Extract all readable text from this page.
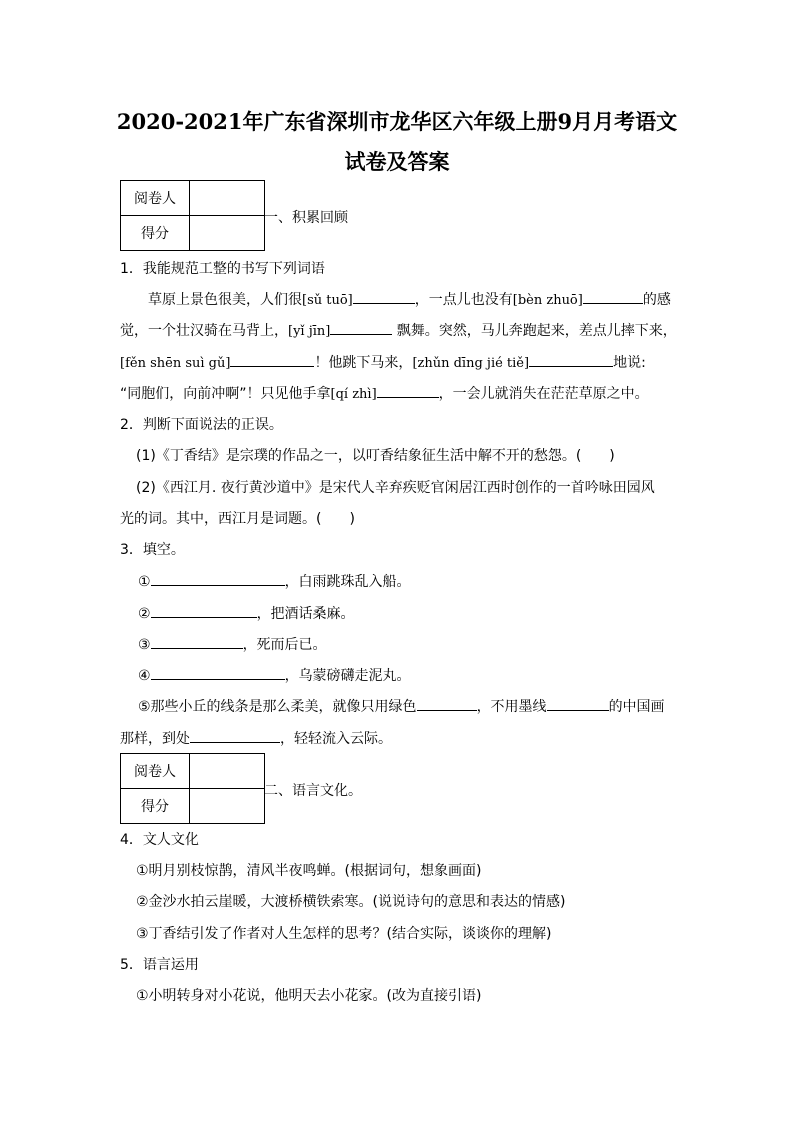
2020-2021年广东省深圳市龙华区六年级上册9月月考语文
试卷及答案
阅卷人	
得分	
一、积累回顾
1．我能规范工整的书写下列词语
草原上景色很美，人们很[sǔ tuō]	，一点儿也没有[bèn zhuō]	的感
觉，一个壮汉骑在马背上，[yǐ jīn]	飘舞。突然，马儿奔跑起来，差点儿摔下来，
[fěn shēn suì gǔ]	！他跳下马来，[zhǔn dīng jié tiě]	地说:
“同胞们，向前冲啊”！只见他手拿[qí zhì]	，一会儿就消失在茫茫草原之中。
2．判断下面说法的正误。
(1)《丁香结》是宗璞的作品之一，以叮香结象征生活中解不开的愁怨。(　　)
(2)《西江月. 夜行黄沙道中》是宋代人辛弃疾贬官闲居江西时创作的一首吟咏田园风
光的词。其中，西江月是词题。(　　)
3．填空。
①	，白雨跳珠乱入船。
②	，把酒话桑麻。
③	，死而后已。
④	，乌蒙磅礴走泥丸。
⑤那些小丘的线条是那么柔美，就像只用绿色	，不用墨线	的中国画
那样，到处	，轻轻流入云际。
阅卷人	
得分	
二、语言文化。
4．文人文化
①明月别枝惊鹊，清风半夜鸣蝉。(根据词句，想象画面)
②金沙水拍云崖暖，大渡桥横铁索寒。(说说诗句的意思和表达的情感)
③丁香结引发了作者对人生怎样的思考？(结合实际，谈谈你的理解)
5．语言运用
①小明转身对小花说，他明天去小花家。(改为直接引语)
